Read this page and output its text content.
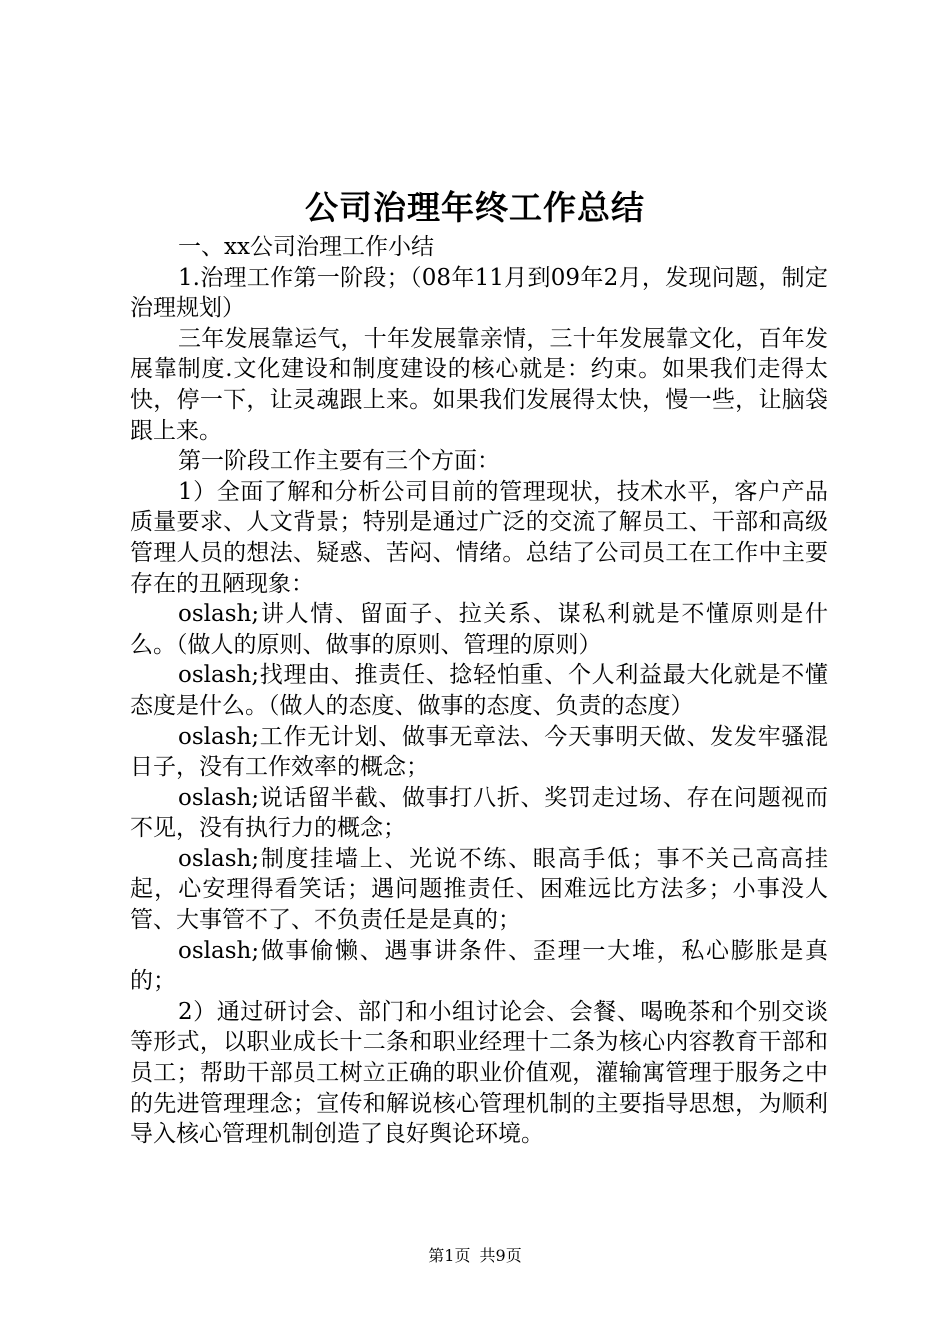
公司治理年终工作总结

一、xx公司治理工作小结

1.治理工作第一阶段；（08年11月到09年2月，发现问题，制定治理规划）

三年发展靠运气，十年发展靠亲情，三十年发展靠文化，百年发展靠制度.文化建设和制度建设的核心就是：约束。如果我们走得太快，停一下，让灵魂跟上来。如果我们发展得太快，慢一些，让脑袋跟上来。

第一阶段工作主要有三个方面：

1）全面了解和分析公司目前的管理现状，技术水平，客户产品质量要求、人文背景；特别是通过广泛的交流了解员工、干部和高级管理人员的想法、疑惑、苦闷、情绪。总结了公司员工在工作中主要存在的丑陋现象：

oslash;讲人情、留面子、拉关系、谋私利就是不懂原则是什么。（做人的原则、做事的原则、管理的原则）

oslash;找理由、推责任、捻轻怕重、个人利益最大化就是不懂态度是什么。（做人的态度、做事的态度、负责的态度）

oslash;工作无计划、做事无章法、今天事明天做、发发牢骚混日子，没有工作效率的概念；

oslash;说话留半截、做事打八折、奖罚走过场、存在问题视而不见，没有执行力的概念；

oslash;制度挂墙上、光说不练、眼高手低；事不关己高高挂起，心安理得看笑话；遇问题推责任、困难远比方法多；小事没人管、大事管不了、不负责任是是真的；

oslash;做事偷懒、遇事讲条件、歪理一大堆，私心膨胀是真的；

2）通过研讨会、部门和小组讨论会、会餐、喝晚茶和个别交谈等形式，以职业成长十二条和职业经理十二条为核心内容教育干部和员工；帮助干部员工树立正确的职业价值观，灌输寓管理于服务之中的先进管理理念；宣传和解说核心管理机制的主要指导思想，为顺利导入核心管理机制创造了良好舆论环境。

第1页 共9页
